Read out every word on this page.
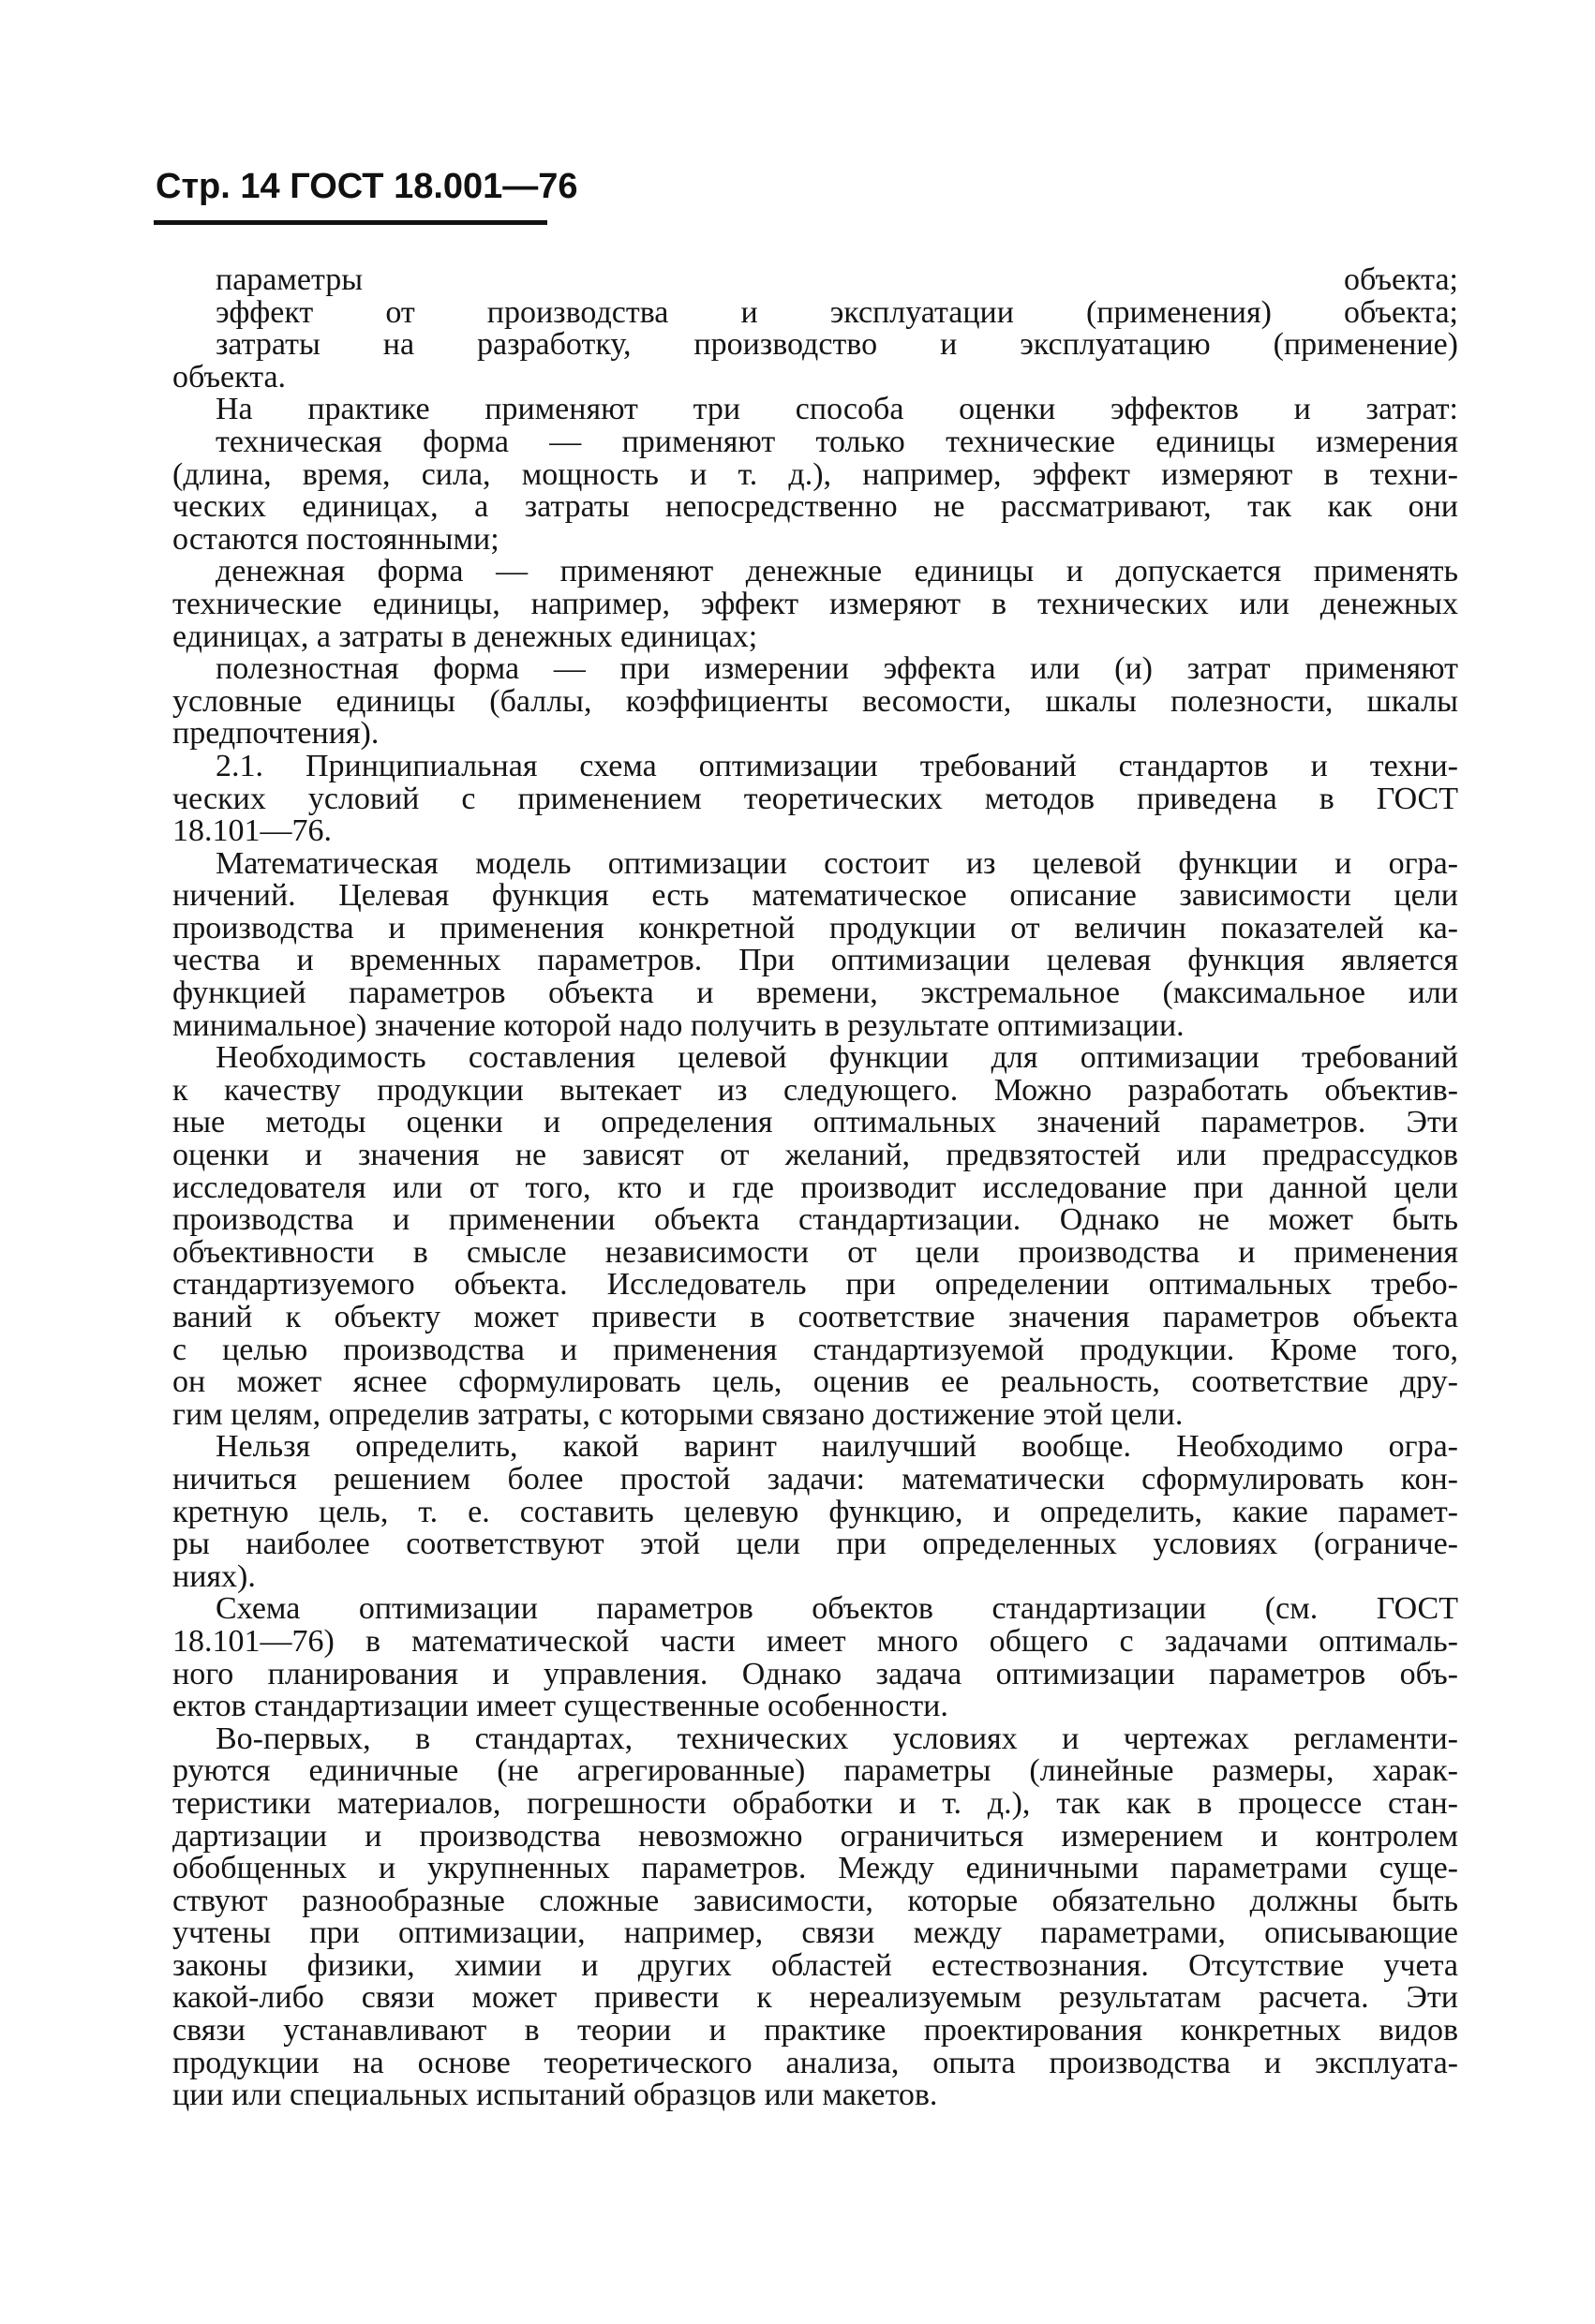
Стр. 14 ГОСТ 18.001—76
параметры объекта;
эффект от производства и эксплуатации (применения) объекта;
затраты на разработку, производство и эксплуатацию (применение)
объекта.
На практике применяют три способа оценки эффектов и затрат:
техническая форма — применяют только технические единицы измерения
(длина, время, сила, мощность и т. д.), например, эффект измеряют в техни-
ческих единицах, а затраты непосредственно не рассматривают, так как они
остаются постоянными;
денежная форма — применяют денежные единицы и допускается применять
технические единицы, например, эффект измеряют в технических или денежных
единицах, а затраты в денежных единицах;
полезностная форма — при измерении эффекта или (и) затрат применяют
условные единицы (баллы, коэффициенты весомости, шкалы полезности, шкалы
предпочтения).
2.1. Принципиальная схема оптимизации требований стандартов и техни-
ческих условий с применением теоретических методов приведена в ГОСТ
18.101—76.
Математическая модель оптимизации состоит из целевой функции и огра-
ничений. Целевая функция есть математическое описание зависимости цели
производства и применения конкретной продукции от величин показателей ка-
чества и временных параметров. При оптимизации целевая функция является
функцией параметров объекта и времени, экстремальное (максимальное или
минимальное) значение которой надо получить в результате оптимизации.
Необходимость составления целевой функции для оптимизации требований
к качеству продукции вытекает из следующего. Можно разработать объектив-
ные методы оценки и определения оптимальных значений параметров. Эти
оценки и значения не зависят от желаний, предвзятостей или предрассудков
исследователя или от того, кто и где производит исследование при данной цели
производства и применении объекта стандартизации. Однако не может быть
объективности в смысле независимости от цели производства и применения
стандартизуемого объекта. Исследователь при определении оптимальных требо-
ваний к объекту может привести в соответствие значения параметров объекта
с целью производства и применения стандартизуемой продукции. Кроме того,
он может яснее сформулировать цель, оценив ее реальность, соответствие дру-
гим целям, определив затраты, с которыми связано достижение этой цели.
Нельзя определить, какой варинт наилучший вообще. Необходимо огра-
ничиться решением более простой задачи: математически сформулировать кон-
кретную цель, т. е. составить целевую функцию, и определить, какие парамет-
ры наиболее соответствуют этой цели при определенных условиях (ограниче-
ниях).
Схема оптимизации параметров объектов стандартизации (см. ГОСТ
18.101—76) в математической части имеет много общего с задачами оптималь-
ного планирования и управления. Однако задача оптимизации параметров объ-
ектов стандартизации имеет существенные особенности.
Во-первых, в стандартах, технических условиях и чертежах регламенти-
руются единичные (не агрегированные) параметры (линейные размеры, харак-
теристики материалов, погрешности обработки и т. д.), так как в процессе стан-
дартизации и производства невозможно ограничиться измерением и контролем
обобщенных и укрупненных параметров. Между единичными параметрами суще-
ствуют разнообразные сложные зависимости, которые обязательно должны быть
учтены при оптимизации, например, связи между параметрами, описывающие
законы физики, химии и других областей естествознания. Отсутствие учета
какой-либо связи может привести к нереализуемым результатам расчета. Эти
связи устанавливают в теории и практике проектирования конкретных видов
продукции на основе теоретического анализа, опыта производства и эксплуата-
ции или специальных испытаний образцов или макетов.
